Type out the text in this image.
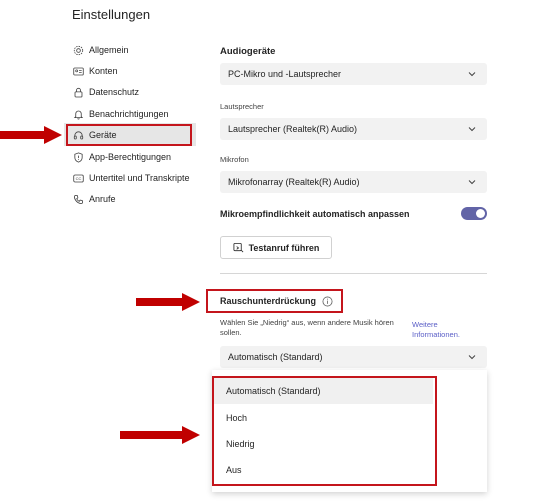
Einstellungen
Allgemein
Konten
Datenschutz
Benachrichtigungen
Geräte
App-Berechtigungen
CC Untertitel und Transkripte
Anrufe
Audiogeräte
PC-Mikro und -Lautsprecher
Lautsprecher
Lautsprecher (Realtek(R) Audio)
Mikrofon
Mikrofonarray (Realtek(R) Audio)
Mikroempfindlichkeit automatisch anpassen
Testanruf führen
Rauschunterdrückung
Wählen Sie „Niedrig“ aus, wenn andere Musik hören
sollen.
Weitere
Informationen.
Automatisch (Standard)
Automatisch (Standard)
Hoch
Niedrig
Aus
